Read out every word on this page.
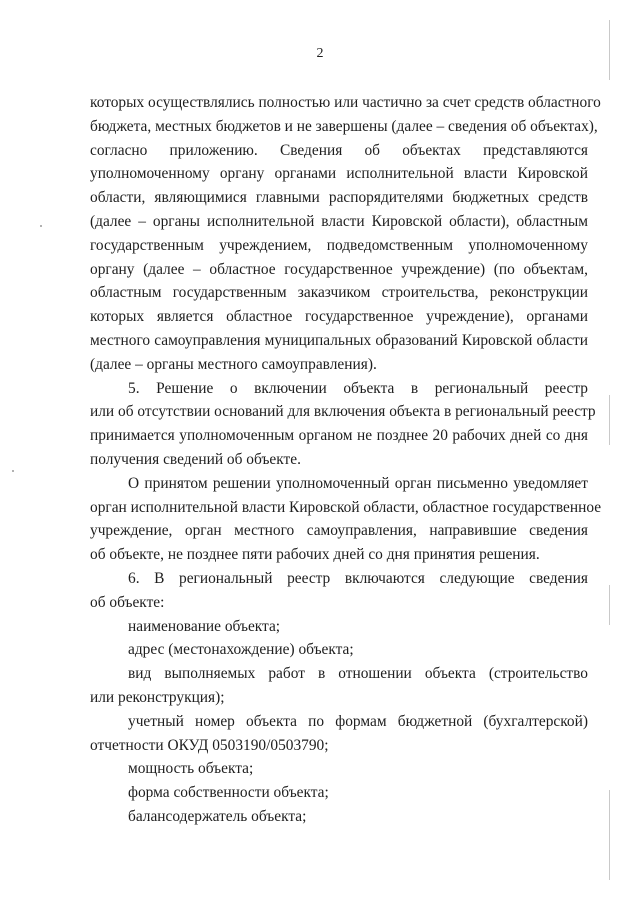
2
которых осуществлялись полностью или частично за счет средств областного
бюджета, местных бюджетов и не завершены (далее – сведения об объектах),
согласно приложению. Сведения об объектах представляются
уполномоченному органу органами исполнительной власти Кировской
области, являющимися главными распорядителями бюджетных средств
(далее – органы исполнительной власти Кировской области), областным
государственным учреждением, подведомственным уполномоченному
органу (далее – областное государственное учреждение) (по объектам,
областным государственным заказчиком строительства, реконструкции
которых является областное государственное учреждение), органами
местного самоуправления муниципальных образований Кировской области
(далее – органы местного самоуправления).
5. Решение о включении объекта в региональный реестр
или об отсутствии оснований для включения объекта в региональный реестр
принимается уполномоченным органом не позднее 20 рабочих дней со дня
получения сведений об объекте.
О принятом решении уполномоченный орган письменно уведомляет
орган исполнительной власти Кировской области, областное государственное
учреждение, орган местного самоуправления, направившие сведения
об объекте, не позднее пяти рабочих дней со дня принятия решения.
6. В региональный реестр включаются следующие сведения
об объекте:
наименование объекта;
адрес (местонахождение) объекта;
вид выполняемых работ в отношении объекта (строительство
или реконструкция);
учетный номер объекта по формам бюджетной (бухгалтерской)
отчетности ОКУД 0503190/0503790;
мощность объекта;
форма собственности объекта;
балансодержатель объекта;
